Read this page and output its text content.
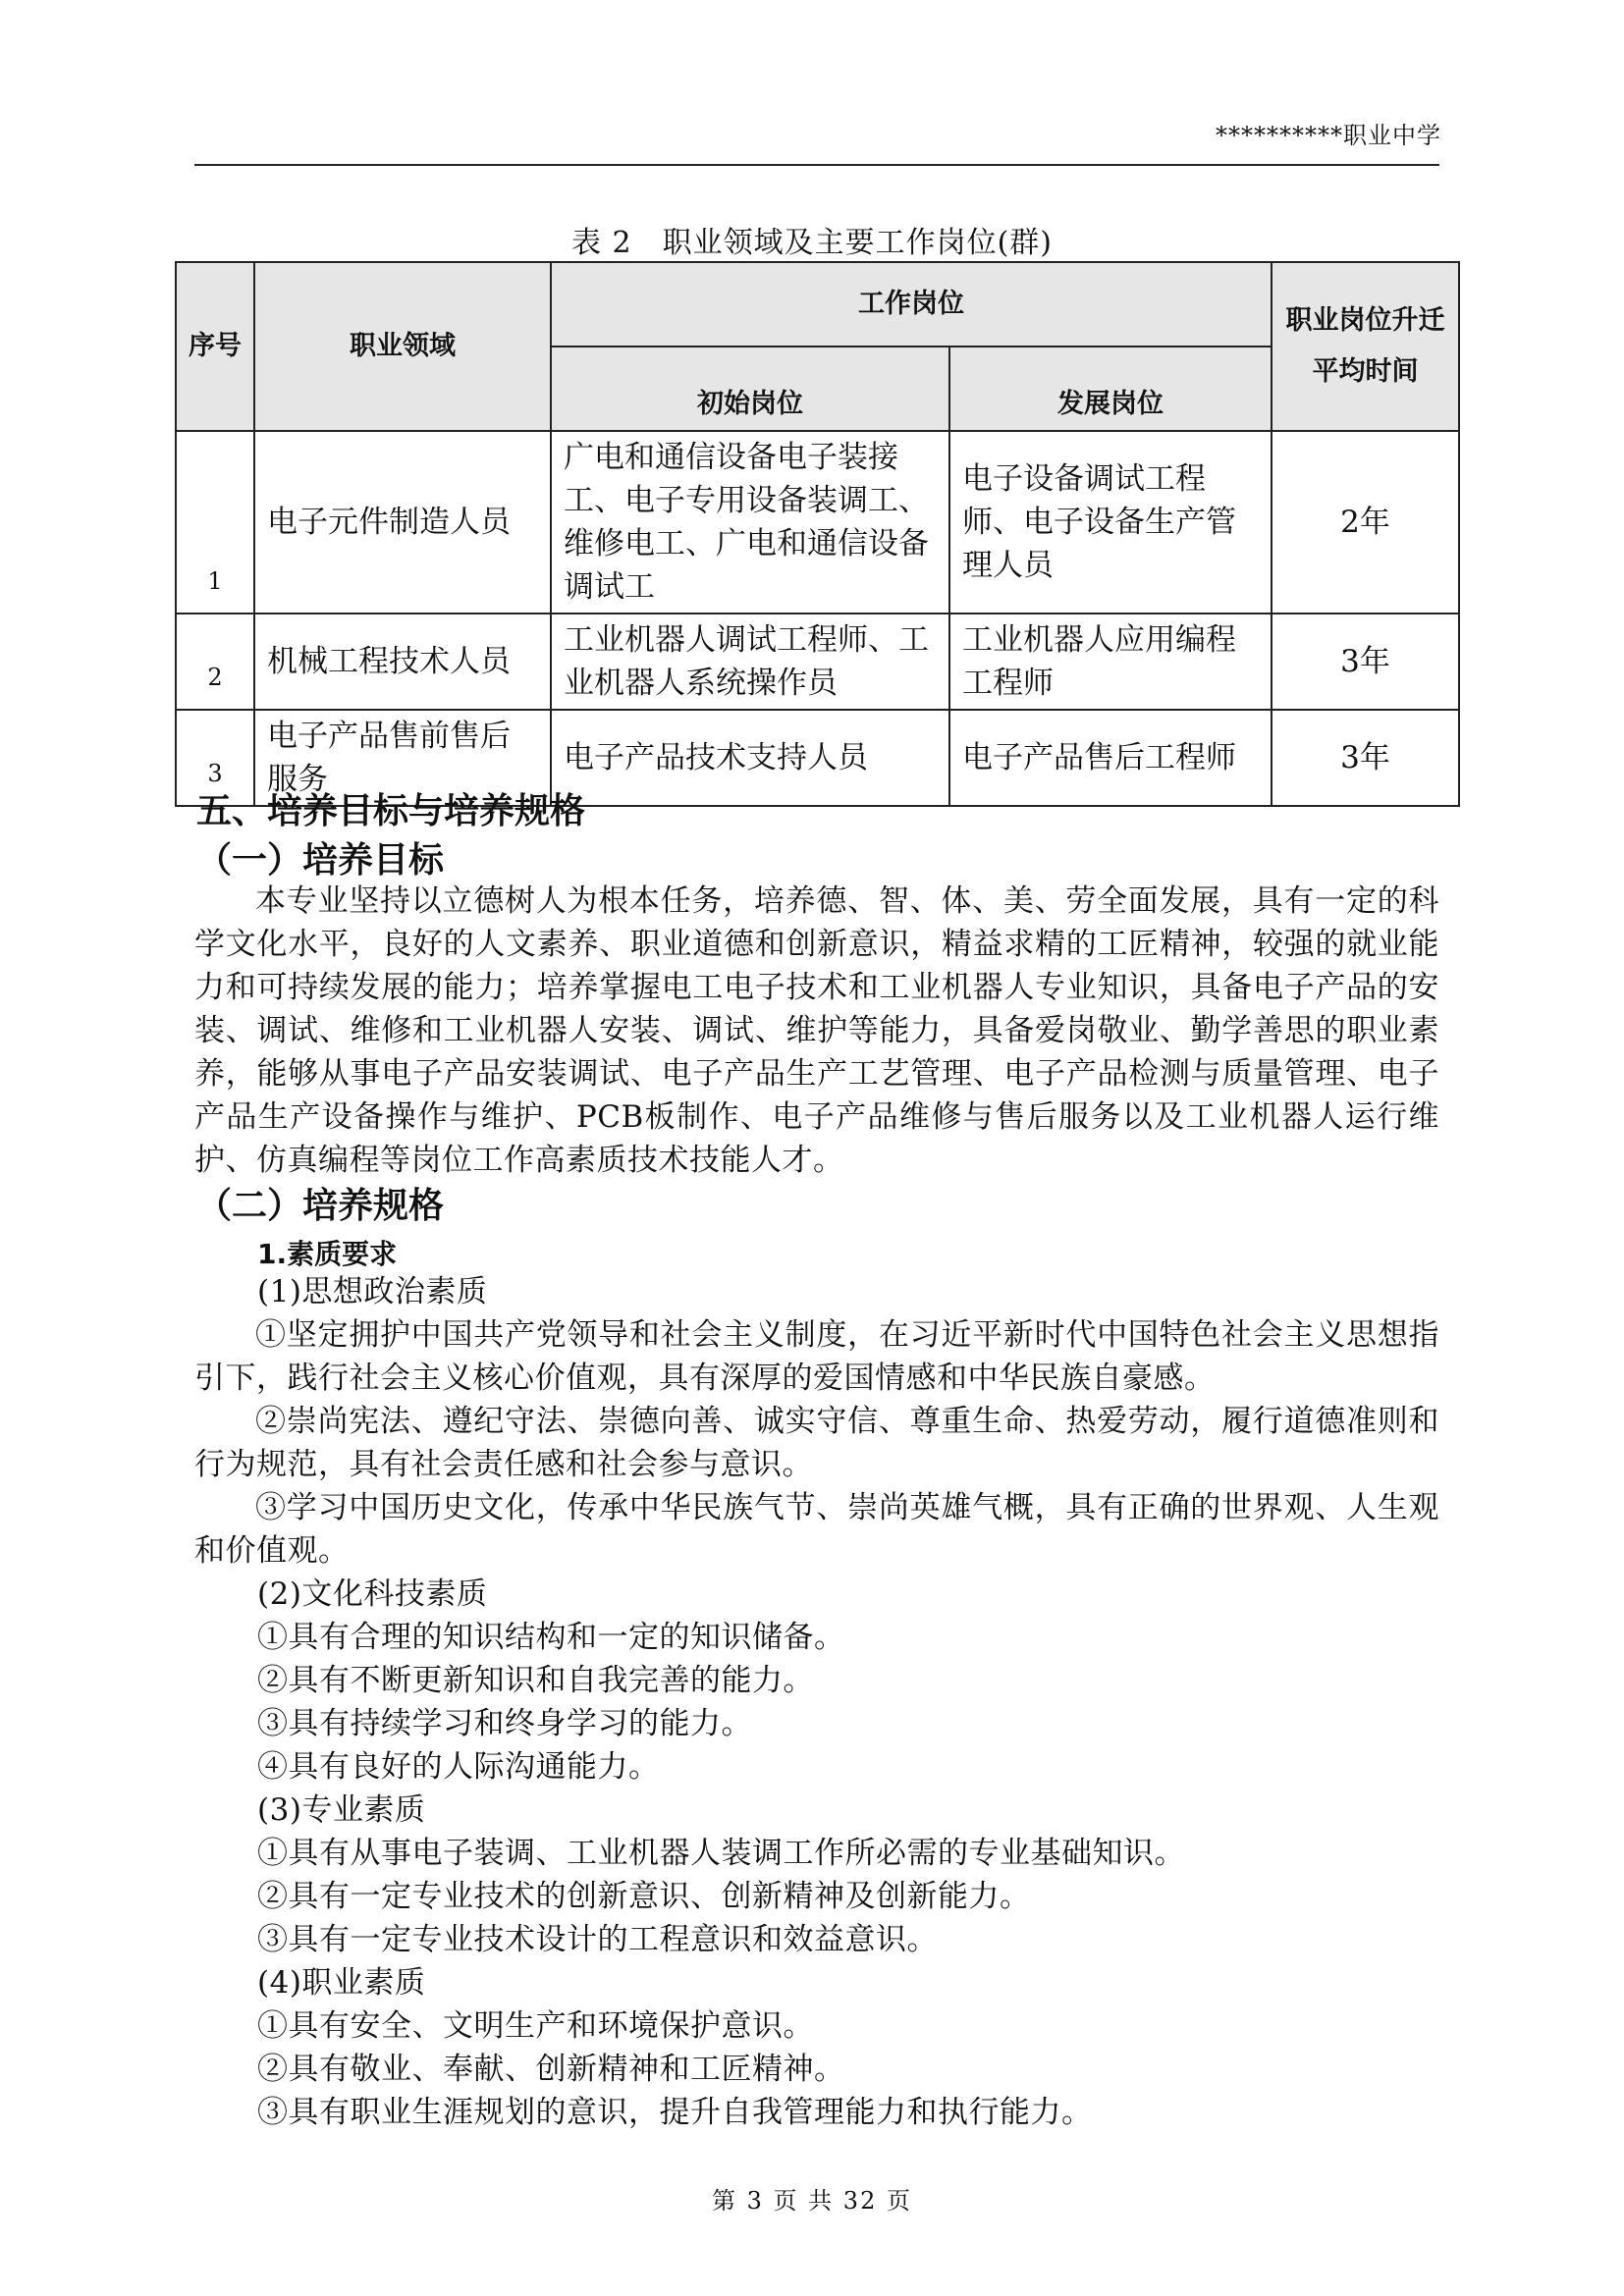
**********职业中学
表 2　职业领域及主要工作岗位(群)
序号	职业领域	工作岗位		职业岗位升迁平均时间
		初始岗位	发展岗位	
1	电子元件制造人员	广电和通信设备电子装接工、电子专用设备装调工、维修电工、广电和通信设备调试工	电子设备调试工程师、电子设备生产管理人员	2年
2	机械工程技术人员	工业机器人调试工程师、工业机器人系统操作员	工业机器人应用编程工程师	3年
3	电子产品售前售后服务	电子产品技术支持人员	电子产品售后工程师	3年
五、培养目标与培养规格
（一）培养目标
本专业坚持以立德树人为根本任务，培养德、智、体、美、劳全面发展，具有一定的科学文化水平，良好的人文素养、职业道德和创新意识，精益求精的工匠精神，较强的就业能力和可持续发展的能力；培养掌握电工电子技术和工业机器人专业知识，具备电子产品的安装、调试、维修和工业机器人安装、调试、维护等能力，具备爱岗敬业、勤学善思的职业素养，能够从事电子产品安装调试、电子产品生产工艺管理、电子产品检测与质量管理、电子产品生产设备操作与维护、PCB板制作、电子产品维修与售后服务以及工业机器人运行维护、仿真编程等岗位工作高素质技术技能人才。
（二）培养规格
1.素质要求
(1)思想政治素质
①坚定拥护中国共产党领导和社会主义制度，在习近平新时代中国特色社会主义思想指引下，践行社会主义核心价值观，具有深厚的爱国情感和中华民族自豪感。
②崇尚宪法、遵纪守法、崇德向善、诚实守信、尊重生命、热爱劳动，履行道德准则和行为规范，具有社会责任感和社会参与意识。
③学习中国历史文化，传承中华民族气节、崇尚英雄气概，具有正确的世界观、人生观和价值观。
(2)文化科技素质
①具有合理的知识结构和一定的知识储备。
②具有不断更新知识和自我完善的能力。
③具有持续学习和终身学习的能力。
④具有良好的人际沟通能力。
(3)专业素质
①具有从事电子装调、工业机器人装调工作所必需的专业基础知识。
②具有一定专业技术的创新意识、创新精神及创新能力。
③具有一定专业技术设计的工程意识和效益意识。
(4)职业素质
①具有安全、文明生产和环境保护意识。
②具有敬业、奉献、创新精神和工匠精神。
③具有职业生涯规划的意识，提升自我管理能力和执行能力。
第 3 页 共 32 页
